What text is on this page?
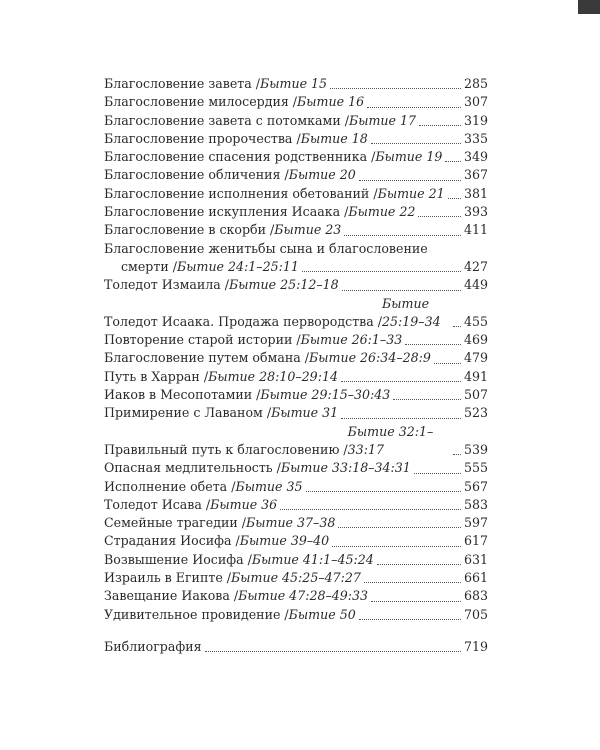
Благословение завета / Бытие 15	285
Благословение милосердия / Бытие 16	307
Благословение завета с потомками / Бытие 17	319
Благословение пророчества / Бытие 18	335
Благословение спасения родственника / Бытие 19 349
Благословение обличения / Бытие 20	367
Благословение исполнения обетований / Бытие 21 381
Благословение искупления Исаака / Бытие 22	393
Благословение в скорби / Бытие 23	411
Благословение женитьбы сына и благословение
смерти / Бытие 24:1–25:11	427
Толедот Измаила / Бытие 25:12–18	449
Толедот Исаака. Продажа первородства /
Бытие 25:19–34	455
Повторение старой истории / Бытие 26:1–33	469
Благословение путем обмана / Бытие 26:34–28:9	479
Путь в Харран / Бытие 28:10–29:14	491
Иаков в Месопотамии / Бытие 29:15–30:43	507
Примирение с Лаваном / Бытие 31	523
Правильный путь к благословению /
Бытие 32:1–33:17	539
Опасная медлительность / Бытие 33:18–34:31	555
Исполнение обета / Бытие 35	567
Толедот Исава / Бытие 36	583
Семейные трагедии / Бытие 37–38	597
Страдания Иосифа / Бытие 39–40	617
Возвышение Иосифа / Бытие 41:1–45:24	631
Израиль в Египте / Бытие 45:25–47:27	661
Завещание Иакова / Бытие 47:28–49:33	683
Удивительное провидение / Бытие 50	705
Библиография	719
